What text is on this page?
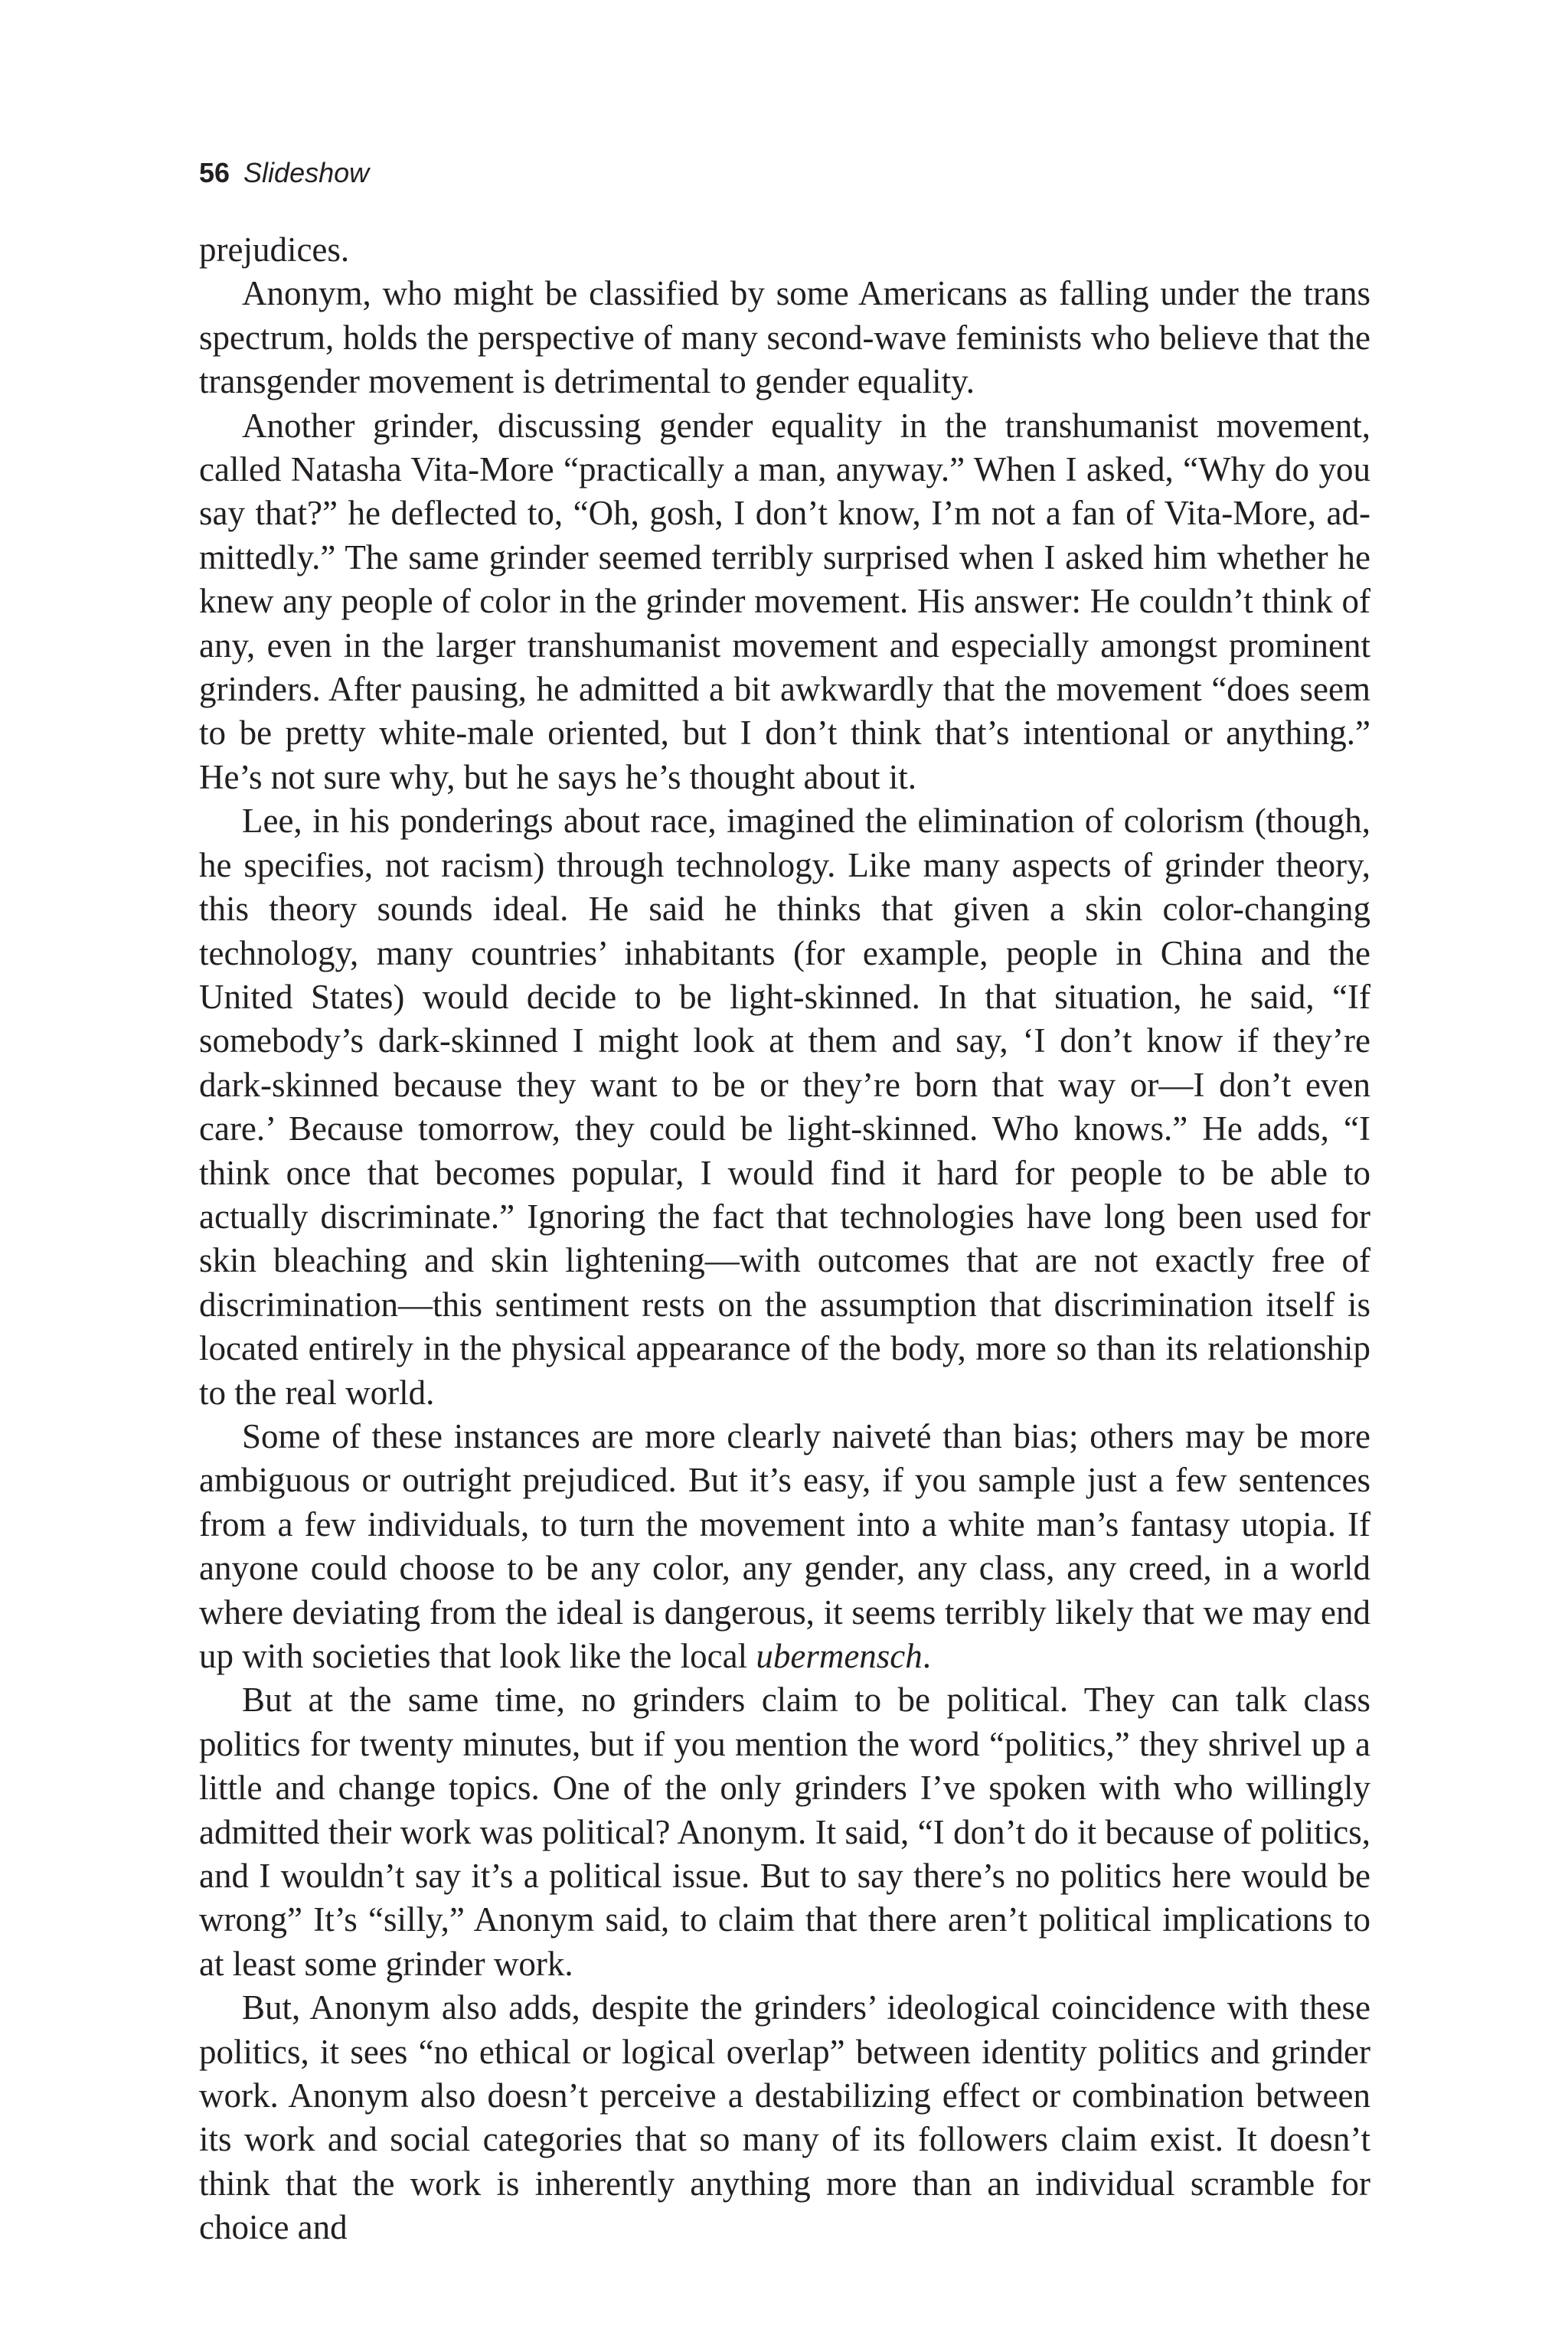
56 Slideshow

prejudices.

Anonym, who might be classified by some Americans as falling under the trans spectrum, holds the perspective of many second-wave feminists who believe that the transgender movement is detrimental to gender equality.

Another grinder, discussing gender equality in the transhumanist movement, called Natasha Vita-More “practically a man, anyway.” When I asked, “Why do you say that?” he deflected to, “Oh, gosh, I don’t know, I’m not a fan of Vita-More, admittedly.” The same grinder seemed terribly surprised when I asked him whether he knew any people of color in the grinder movement. His answer: He couldn’t think of any, even in the larger transhumanist movement and especially amongst prominent grinders. After pausing, he admitted a bit awkwardly that the movement “does seem to be pretty white-male oriented, but I don’t think that’s intentional or anything.” He’s not sure why, but he says he’s thought about it.

Lee, in his ponderings about race, imagined the elimination of colorism (though, he specifies, not racism) through technology. Like many aspects of grinder theory, this theory sounds ideal. He said he thinks that given a skin color-changing technology, many countries’ inhabitants (for example, people in China and the United States) would decide to be light-skinned. In that situation, he said, “If somebody’s dark-skinned I might look at them and say, ‘I don’t know if they’re dark-skinned because they want to be or they’re born that way or—I don’t even care.’ Because tomorrow, they could be light-skinned. Who knows.” He adds, “I think once that becomes popular, I would find it hard for people to be able to actually discriminate.” Ignoring the fact that technologies have long been used for skin bleaching and skin lightening—with outcomes that are not exactly free of discrimination—this sentiment rests on the assumption that discrimination itself is located entirely in the physical appearance of the body, more so than its relationship to the real world.

Some of these instances are more clearly naiveté than bias; others may be more ambiguous or outright prejudiced. But it’s easy, if you sample just a few sentences from a few individuals, to turn the movement into a white man’s fantasy utopia. If anyone could choose to be any color, any gender, any class, any creed, in a world where deviating from the ideal is dangerous, it seems terribly likely that we may end up with societies that look like the local ubermensch.

But at the same time, no grinders claim to be political. They can talk class politics for twenty minutes, but if you mention the word “politics,” they shrivel up a little and change topics. One of the only grinders I’ve spoken with who willingly admitted their work was political? Anonym. It said, “I don’t do it because of politics, and I wouldn’t say it’s a political issue. But to say there’s no politics here would be wrong” It’s “silly,” Anonym said, to claim that there aren’t political implications to at least some grinder work.

But, Anonym also adds, despite the grinders’ ideological coincidence with these politics, it sees “no ethical or logical overlap” between identity politics and grinder work. Anonym also doesn’t perceive a destabilizing effect or combination between its work and social categories that so many of its followers claim exist. It doesn’t think that the work is inherently anything more than an individual scramble for choice and
